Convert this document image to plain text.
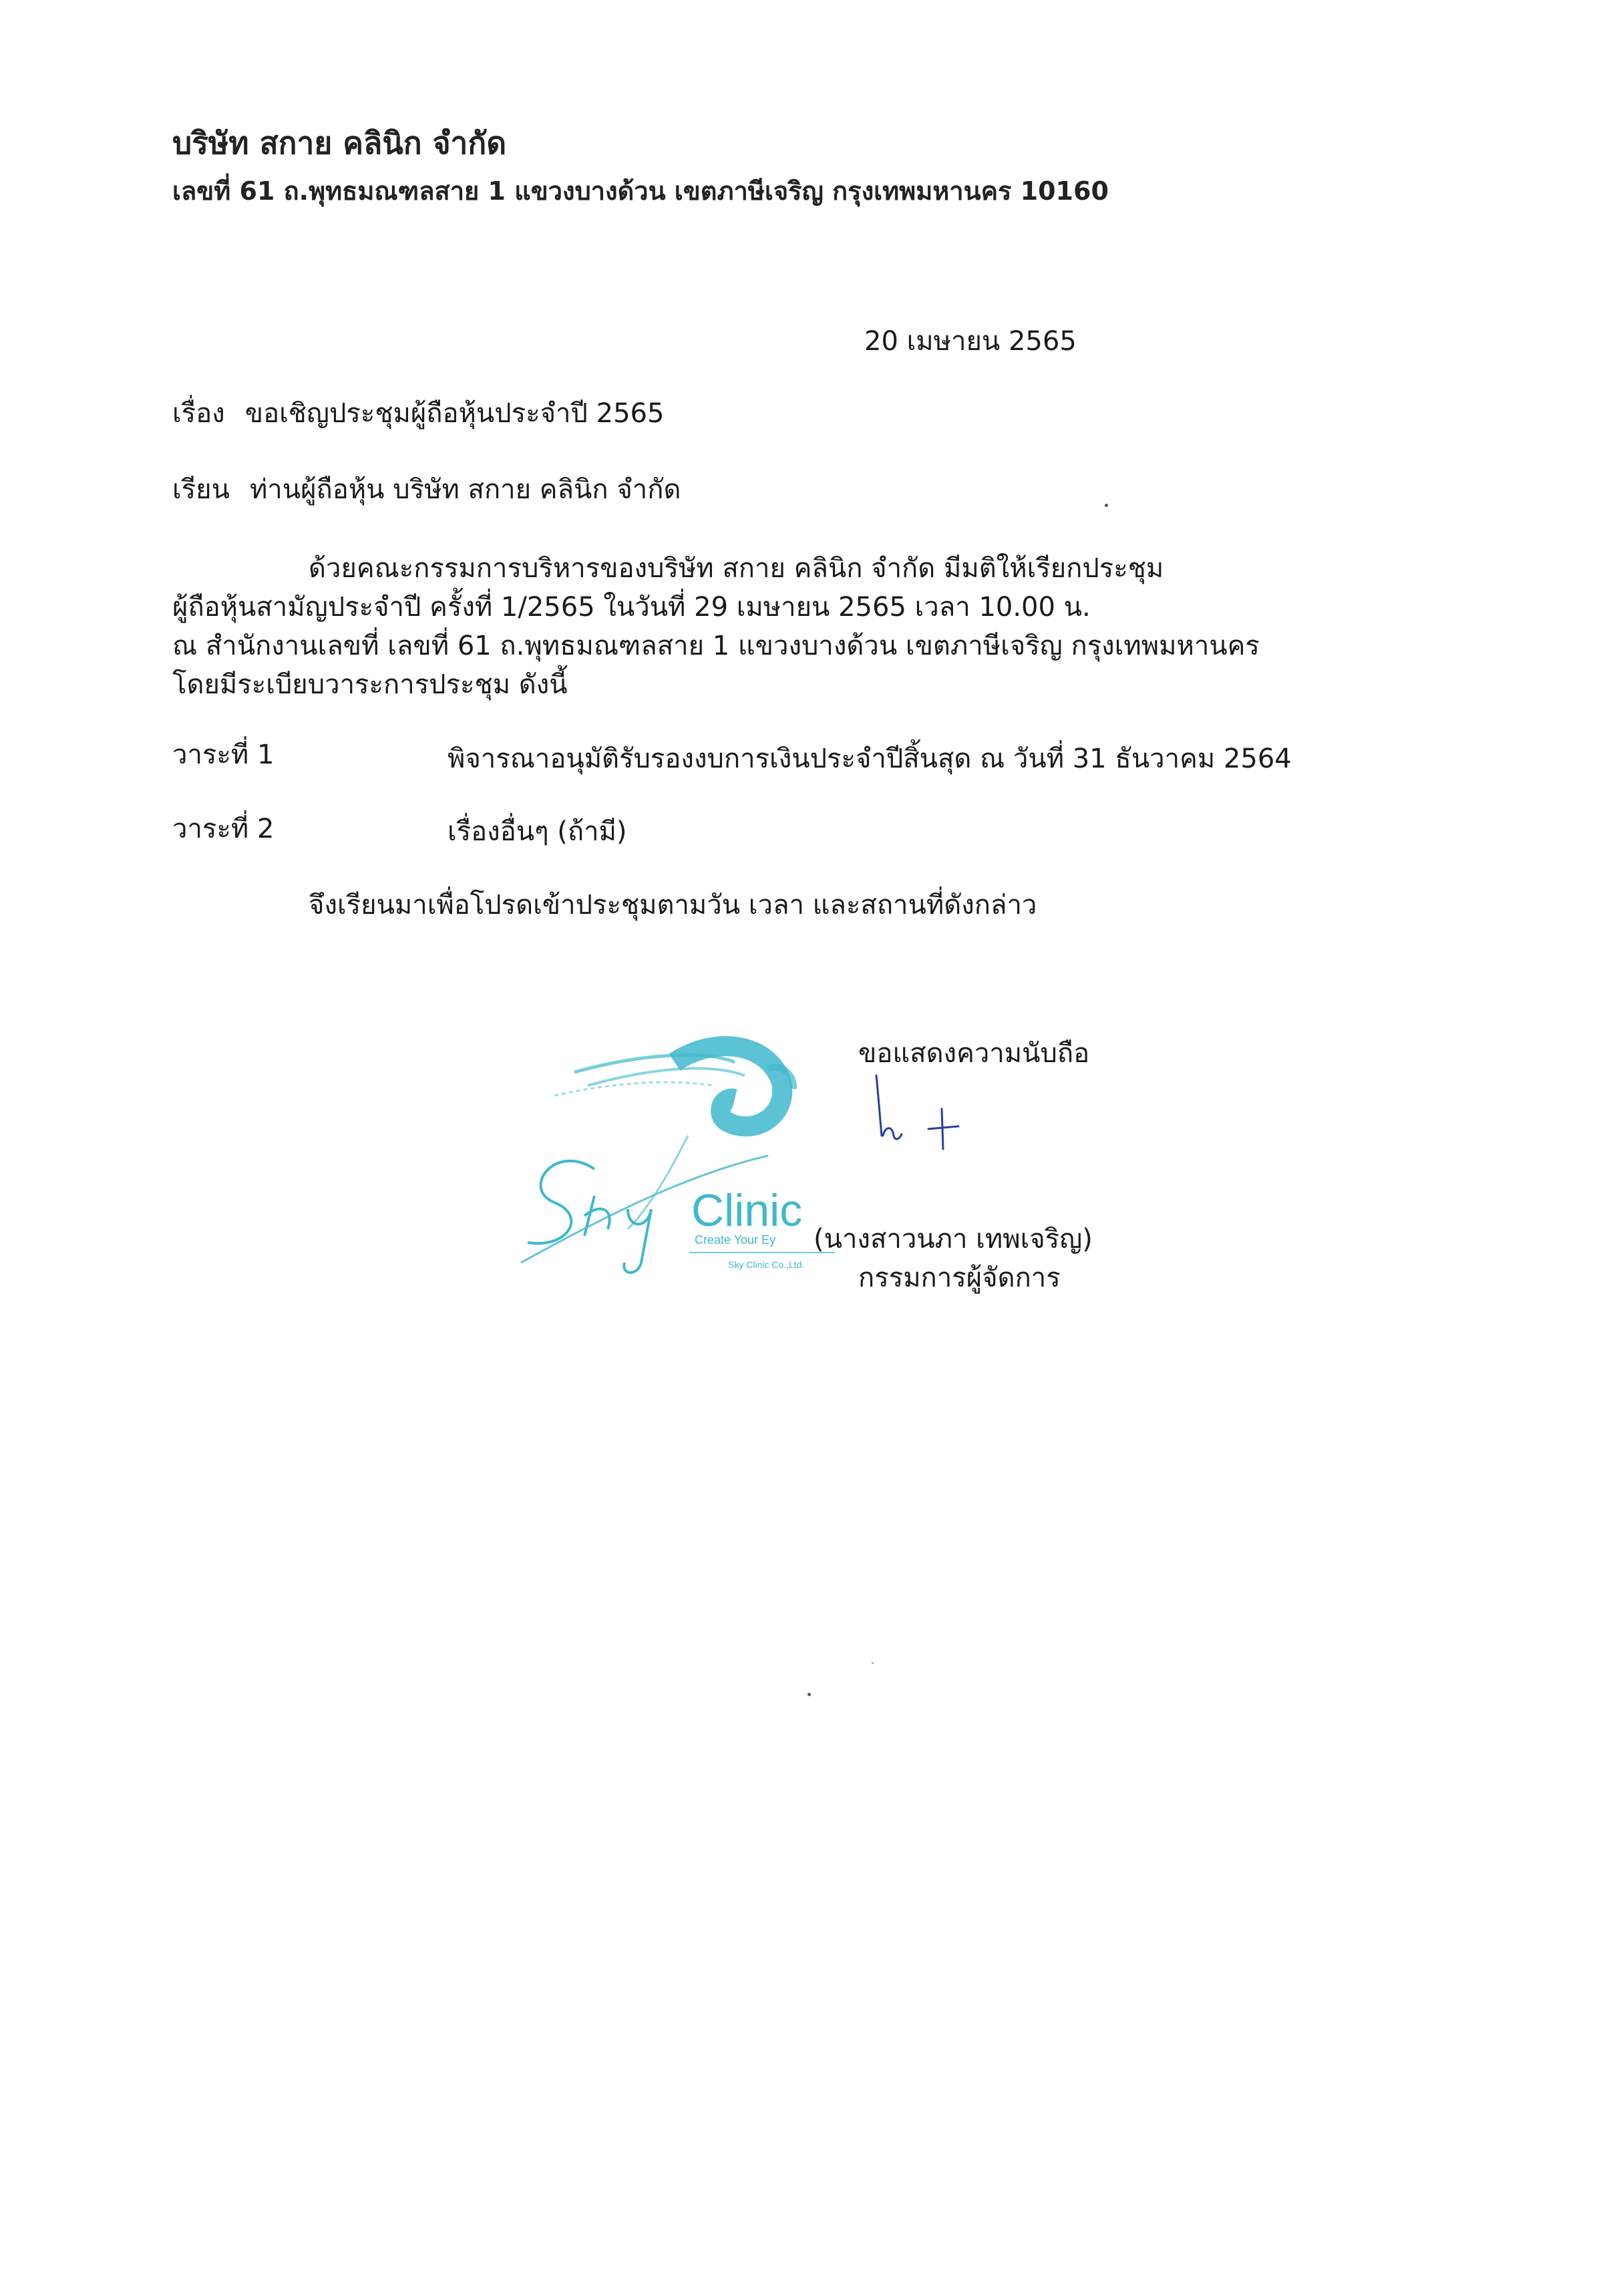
บริษัท สกาย คลินิก จำกัด
เลขที่ 61 ถ.พุทธมณฑลสาย 1 แขวงบางด้วน เขตภาษีเจริญ กรุงเทพมหานคร 10160
20 เมษายน 2565
เรื่อง ขอเชิญประชุมผู้ถือหุ้นประจำปี 2565
เรียน ท่านผู้ถือหุ้น บริษัท สกาย คลินิก จำกัด
ด้วยคณะกรรมการบริหารของบริษัท สกาย คลินิก จำกัด มีมติให้เรียกประชุม
ผู้ถือหุ้นสามัญประจำปี ครั้งที่ 1/2565 ในวันที่ 29 เมษายน 2565 เวลา 10.00 น.
ณ สำนักงานเลขที่ เลขที่ 61 ถ.พุทธมณฑลสาย 1 แขวงบางด้วน เขตภาษีเจริญ กรุงเทพมหานคร
โดยมีระเบียบวาระการประชุม ดังนี้
วาระที่ 1	พิจารณาอนุมัติรับรองงบการเงินประจำปีสิ้นสุด ณ วันที่ 31 ธันวาคม 2564
วาระที่ 2	เรื่องอื่นๆ (ถ้ามี)
จึงเรียนมาเพื่อโปรดเข้าประชุมตามวัน เวลา และสถานที่ดังกล่าว
ขอแสดงความนับถือ
Clinic
Create Your Ey
Sky Clinic Co.,Ltd.
(นางสาวนภา เทพเจริญ)
กรรมการผู้จัดการ
